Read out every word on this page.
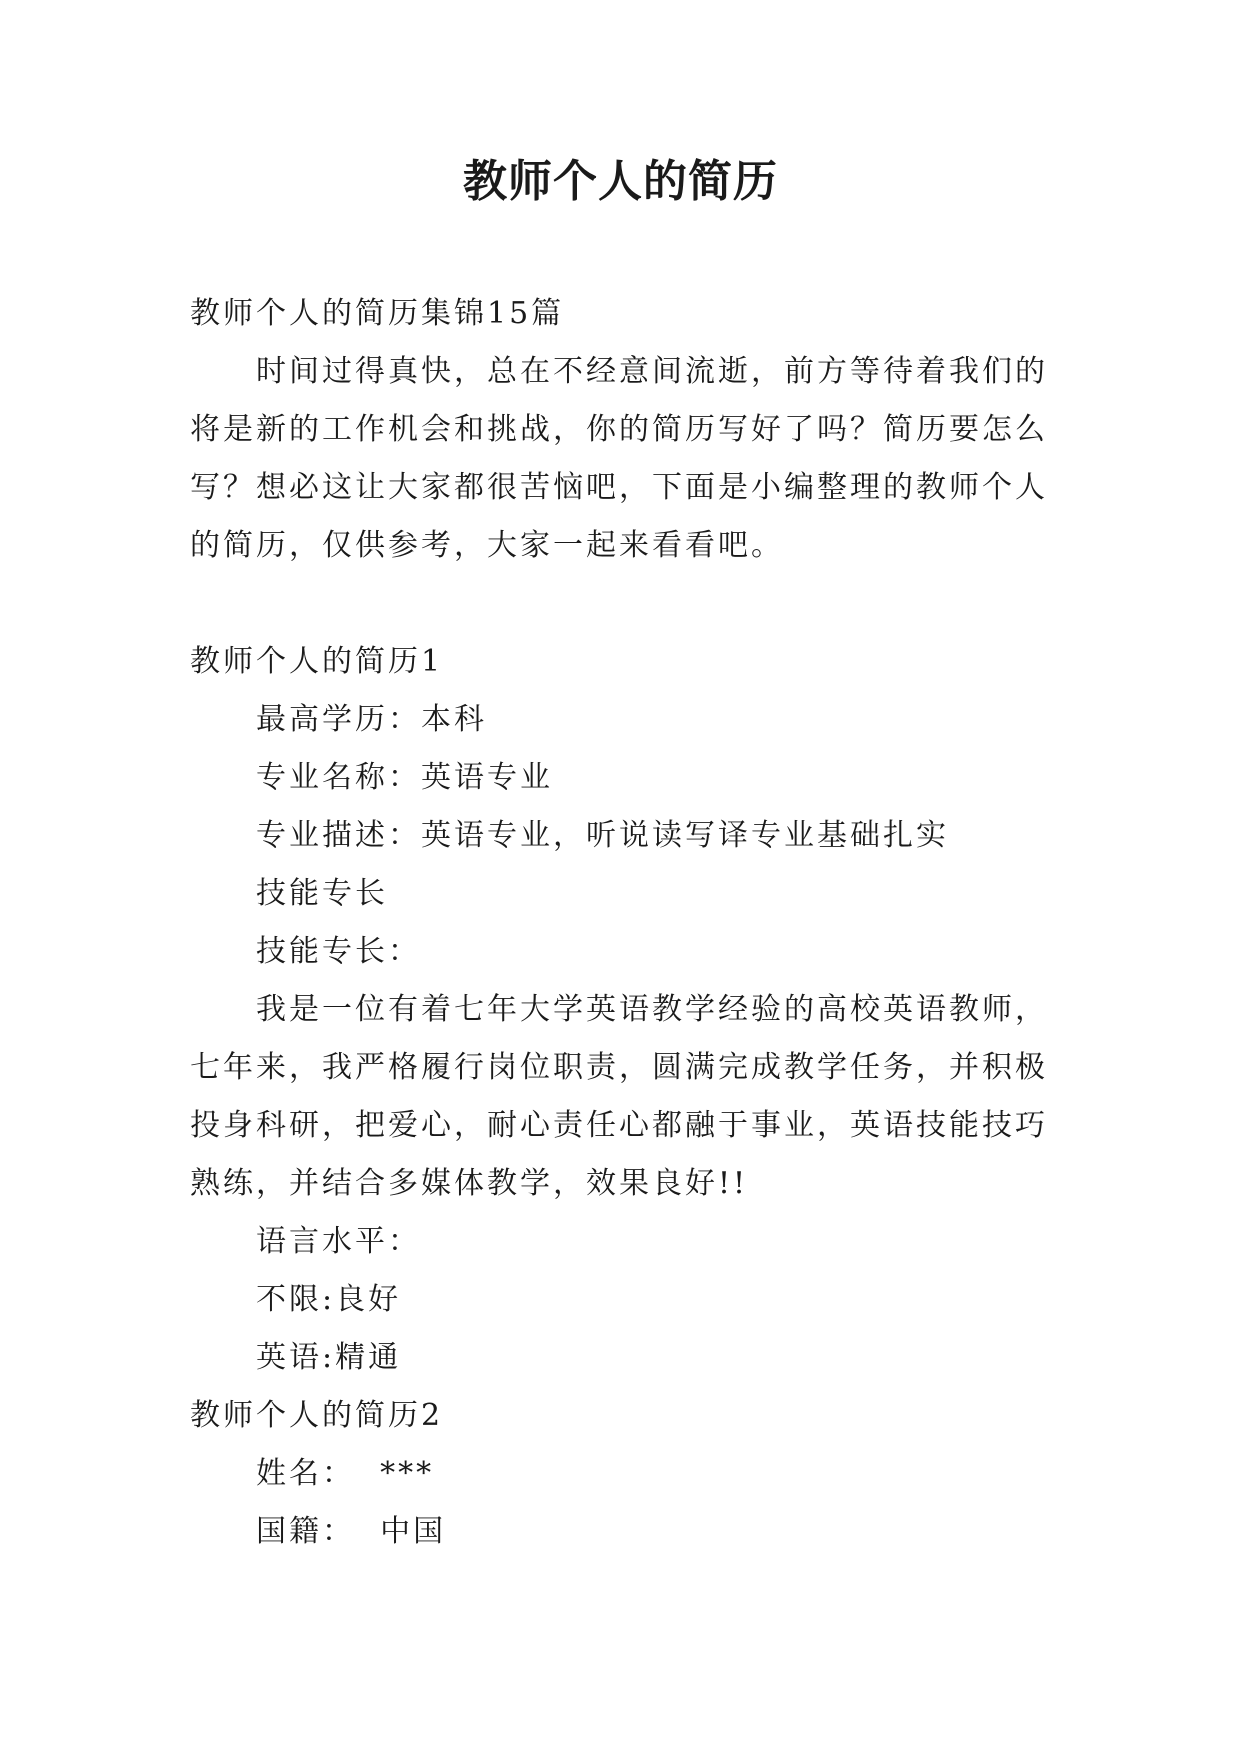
教师个人的简历
教师个人的简历集锦15篇
时间过得真快，总在不经意间流逝，前方等待着我们的
将是新的工作机会和挑战，你的简历写好了吗？简历要怎么
写？想必这让大家都很苦恼吧，下面是小编整理的教师个人
的简历，仅供参考，大家一起来看看吧。
教师个人的简历1
最高学历：本科
专业名称：英语专业
专业描述：英语专业，听说读写译专业基础扎实
技能专长
技能专长：
我是一位有着七年大学英语教学经验的高校英语教师，
七年来，我严格履行岗位职责，圆满完成教学任务，并积极
投身科研，把爱心，耐心责任心都融于事业，英语技能技巧
熟练，并结合多媒体教学，效果良好!!
语言水平：
不限:良好
英语:精通
教师个人的简历2
姓名：  ***
国籍：  中国
